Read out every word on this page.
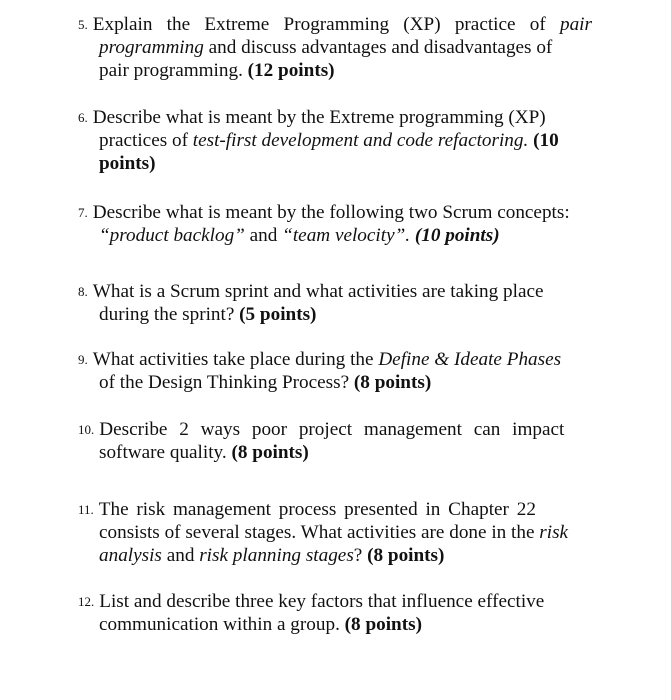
5. Explain the Extreme Programming (XP) practice of pair
programming and discuss advantages and disadvantages of
pair programming. (12 points)
6. Describe what is meant by the Extreme programming (XP)
practices of test-first development and code refactoring. (10
points)
7. Describe what is meant by the following two Scrum concepts:
“product backlog” and “team velocity”. (10 points)
8. What is a Scrum sprint and what activities are taking place
during the sprint? (5 points)
9. What activities take place during the Define & Ideate Phases
of the Design Thinking Process? (8 points)
10. Describe 2 ways poor project management can impact
software quality. (8 points)
11. The risk management process presented in Chapter 22
consists of several stages. What activities are done in the risk
analysis and risk planning stages? (8 points)
12. List and describe three key factors that influence effective
communication within a group. (8 points)
